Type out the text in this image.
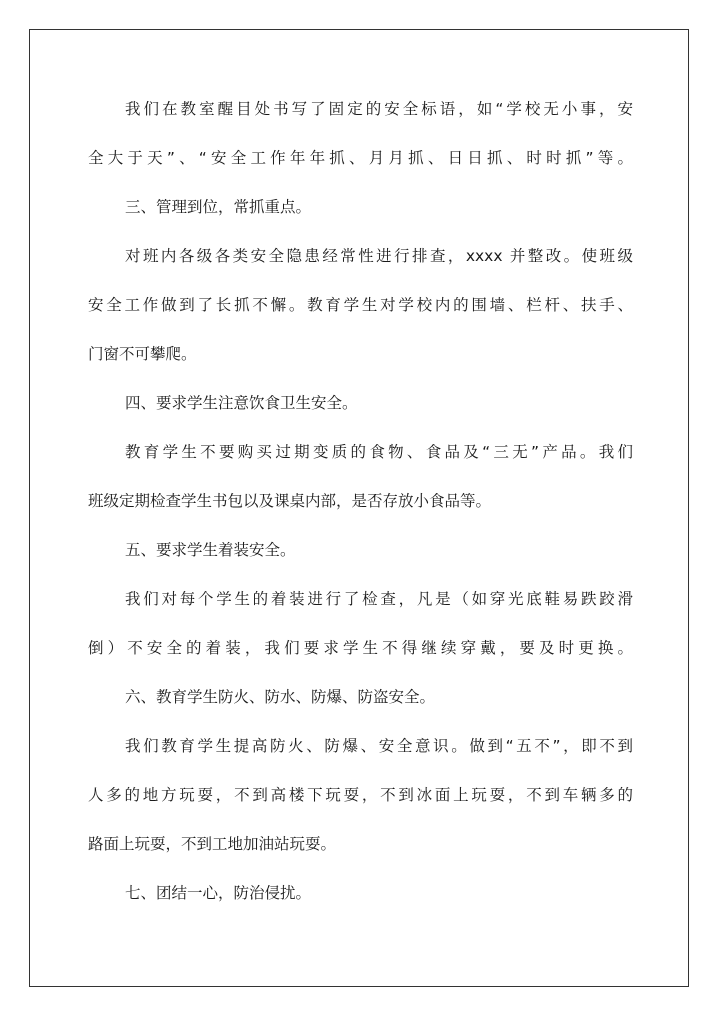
我们在教室醒目处书写了固定的安全标语，如“学校无小事，安
全大于天”、“安全工作年年抓、月月抓、日日抓、时时抓”等。
三、管理到位，常抓重点。
对班内各级各类安全隐患经常性进行排查，xxxx 并整改。使班级
安全工作做到了长抓不懈。教育学生对学校内的围墙、栏杆、扶手、
门窗不可攀爬。
四、要求学生注意饮食卫生安全。
教育学生不要购买过期变质的食物、食品及“三无”产品。我们
班级定期检查学生书包以及课桌内部，是否存放小食品等。
五、要求学生着装安全。
我们对每个学生的着装进行了检查，凡是（如穿光底鞋易跌跤滑
倒）不安全的着装，我们要求学生不得继续穿戴，要及时更换。
六、教育学生防火、防水、防爆、防盗安全。
我们教育学生提高防火、防爆、安全意识。做到“五不”，即不到
人多的地方玩耍，不到高楼下玩耍，不到冰面上玩耍，不到车辆多的
路面上玩耍，不到工地加油站玩耍。
七、团结一心，防治侵扰。
